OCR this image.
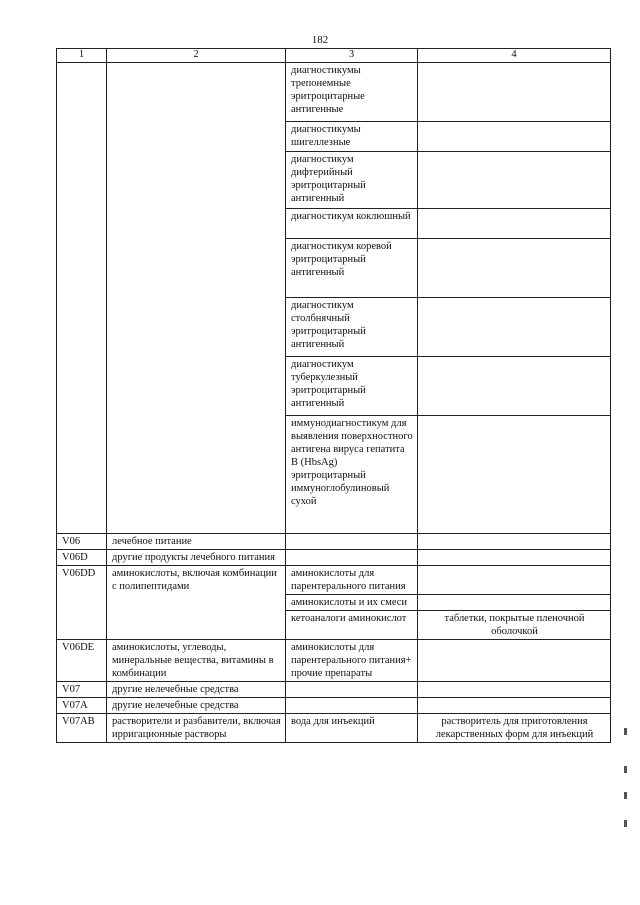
182
1	2	3	4
		диагностикумы трепонемные эритроцитарные антигенные	
		диагностикумы шигеллезные	
		диагностикум дифтерийный эритроцитарный антигенный	
		диагностикум коклюшный	
		диагностикум коревой эритроцитарный антигенный	
		диагностикум столбнячный эритроцитарный антигенный	
		диагностикум туберкулезный эритроцитарный антигенный	
		иммунодиагностикум для выявления поверхностного антигена вируса гепатита В (HbsAg) эритроцитарный иммуноглобулиновый сухой	
V06	лечебное питание		
V06D	другие продукты лечебного питания		
V06DD	аминокислоты, включая комбинации с полипептидами	аминокислоты для парентерального питания	
		аминокислоты и их смеси	
		кетоаналоги аминокислот	таблетки, покрытые пленочной оболочкой
V06DE	аминокислоты, углеводы, минеральные вещества, витамины в комбинации	аминокислоты для парентерального питания+ прочие препараты	
V07	другие нелечебные средства		
V07A	другие нелечебные средства		
V07AB	растворители и разбавители, включая ирригационные растворы	вода для инъекций	растворитель для приготовления лекарственных форм для инъекций
